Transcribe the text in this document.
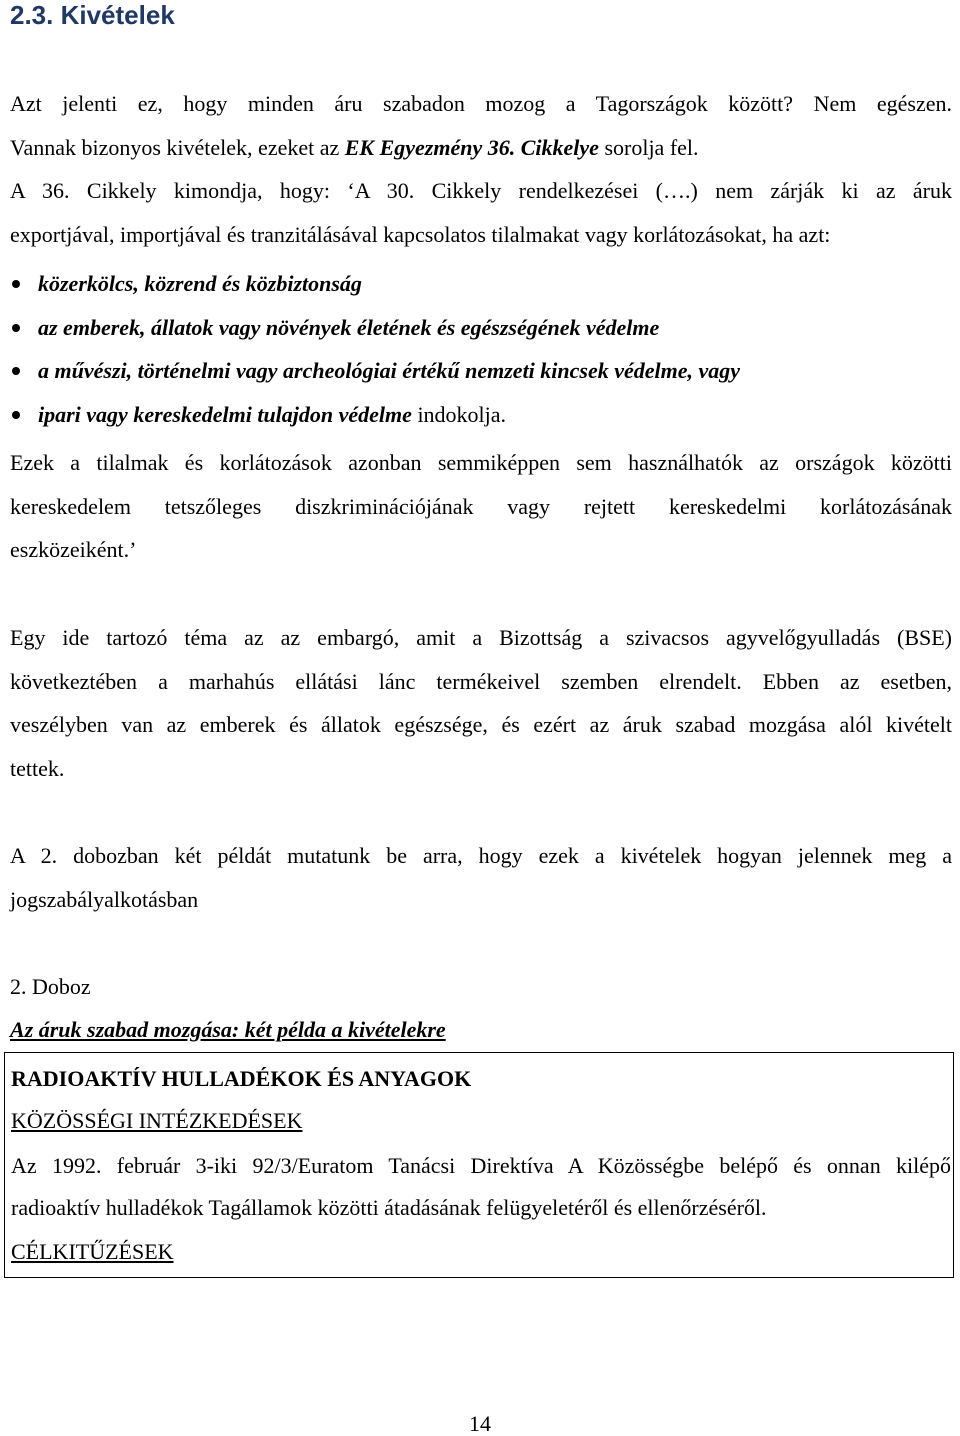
2.3. Kivételek

Azt jelenti ez, hogy minden áru szabadon mozog a Tagországok között? Nem egészen.
Vannak bizonyos kivételek, ezeket az EK Egyezmény 36. Cikkelye sorolja fel.

A 36. Cikkely kimondja, hogy: ‘A 30. Cikkely rendelkezései (….) nem zárják ki az áruk
exportjával, importjával és tranzitálásával kapcsolatos tilalmakat vagy korlátozásokat, ha azt:

közerkölcs, közrend és közbiztonság
az emberek, állatok vagy növények életének és egészségének védelme
a művészi, történelmi vagy archeológiai értékű nemzeti kincsek védelme, vagy
ipari vagy kereskedelmi tulajdon védelme indokolja.

Ezek a tilalmak és korlátozások azonban semmiképpen sem használhatók az országok közötti
kereskedelem tetszőleges diszkriminációjának vagy rejtett kereskedelmi korlátozásának
eszközeiként.’

Egy ide tartozó téma az az embargó, amit a Bizottság a szivacsos agyvelőgyulladás (BSE)
következtében a marhahús ellátási lánc termékeivel szemben elrendelt. Ebben az esetben,
veszélyben van az emberek és állatok egészsége, és ezért az áruk szabad mozgása alól kivételt
tettek.

A 2. dobozban két példát mutatunk be arra, hogy ezek a kivételek hogyan jelennek meg a
jogszabályalkotásban

2. Doboz

Az áruk szabad mozgása: két példa a kivételekre

RADIOAKTÍV HULLADÉKOK ÉS ANYAGOK
KÖZÖSSÉGI INTÉZKEDÉSEK
Az 1992. február 3-iki 92/3/Euratom Tanácsi Direktíva A Közösségbe belépő és onnan kilépő
radioaktív hulladékok Tagállamok közötti átadásának felügyeletéről és ellenőrzéséről.
CÉLKITŰZÉSEK
14
